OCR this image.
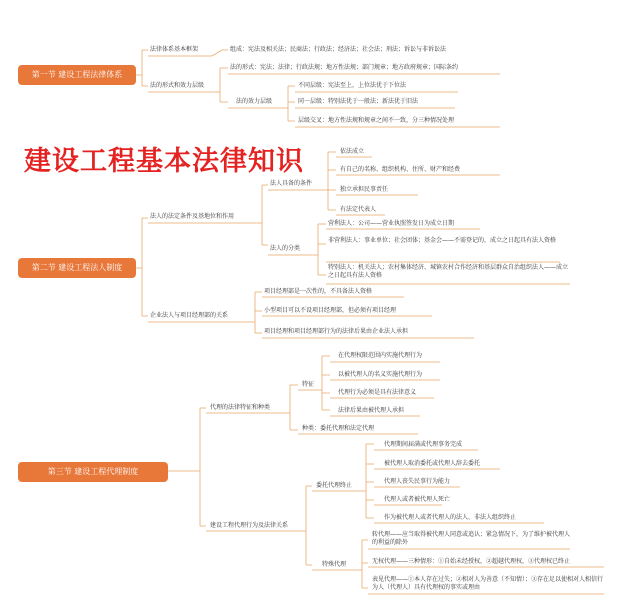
建设工程基本法律知识
第一节 建设工程法律体系
法律体系基本框架	组成：宪法及相关法；民商法；行政法；经济法；社会法；刑法；诉讼与非诉讼法
法的形式和效力层级
法的形式：宪法；法律；行政法规；地方性法规；部门规章；地方政府规章；国际条约
法的效力层级
不同层级：宪法至上，上位法优于下位法
同一层级：特别法优于一般法；新法优于旧法
层级交叉：地方性法规和规章之间不一致，分三种情况处理
第二节 建设工程法人制度
法人的法定条件及基地位和作用
法人具备的条件
依法成立
有自己的名称、组织机构、住所、财产和经费
独立承担民事责任
有法定代表人
法人的分类
营利法人：公司——营业执照签发日为成立日期
非营利法人：事业单位；社会团体；基金会——不需登记的，成立之日起具有法人资格
特别法人：机关法人；农村集体经济、城镇农村合作经济和基层群众自治组织法人——成立之日起具有法人资格
企业法人与项目经理部的关系
项目经理部是一次性的，不具备法人资格
小型项目可以不设项目经理部，但必须有项目经理
项目经理和项目经理部行为的法律后果由企业法人承担
第三节 建设工程代理制度
代理的法律特征和种类
特征
在代理权限范围内实施代理行为
以被代理人的名义实施代理行为
代理行为必须是具有法律意义
法律后果由被代理人承担
种类：委托代理和法定代理
建设工程代理行为及法律关系
委托代理终止
代理期间届满或代理事务完成
被代理人取消委托或代理人辞去委托
代理人丧失民事行为能力
代理人或者被代理人死亡
作为被代理人或者代理人的法人、非法人组织终止
特殊代理
转代理——应当取得被代理人同意或追认；紧急情况下，为了维护被代理人的利益的除外
无权代理——三种情形：①自始未经授权，②超越代理权，③代理权已终止
表见代理——①本人存在过失；②相对人为善意（不知情）；③存在足以使相对人相信行为人（代理人）具有代理权的事实或理由
